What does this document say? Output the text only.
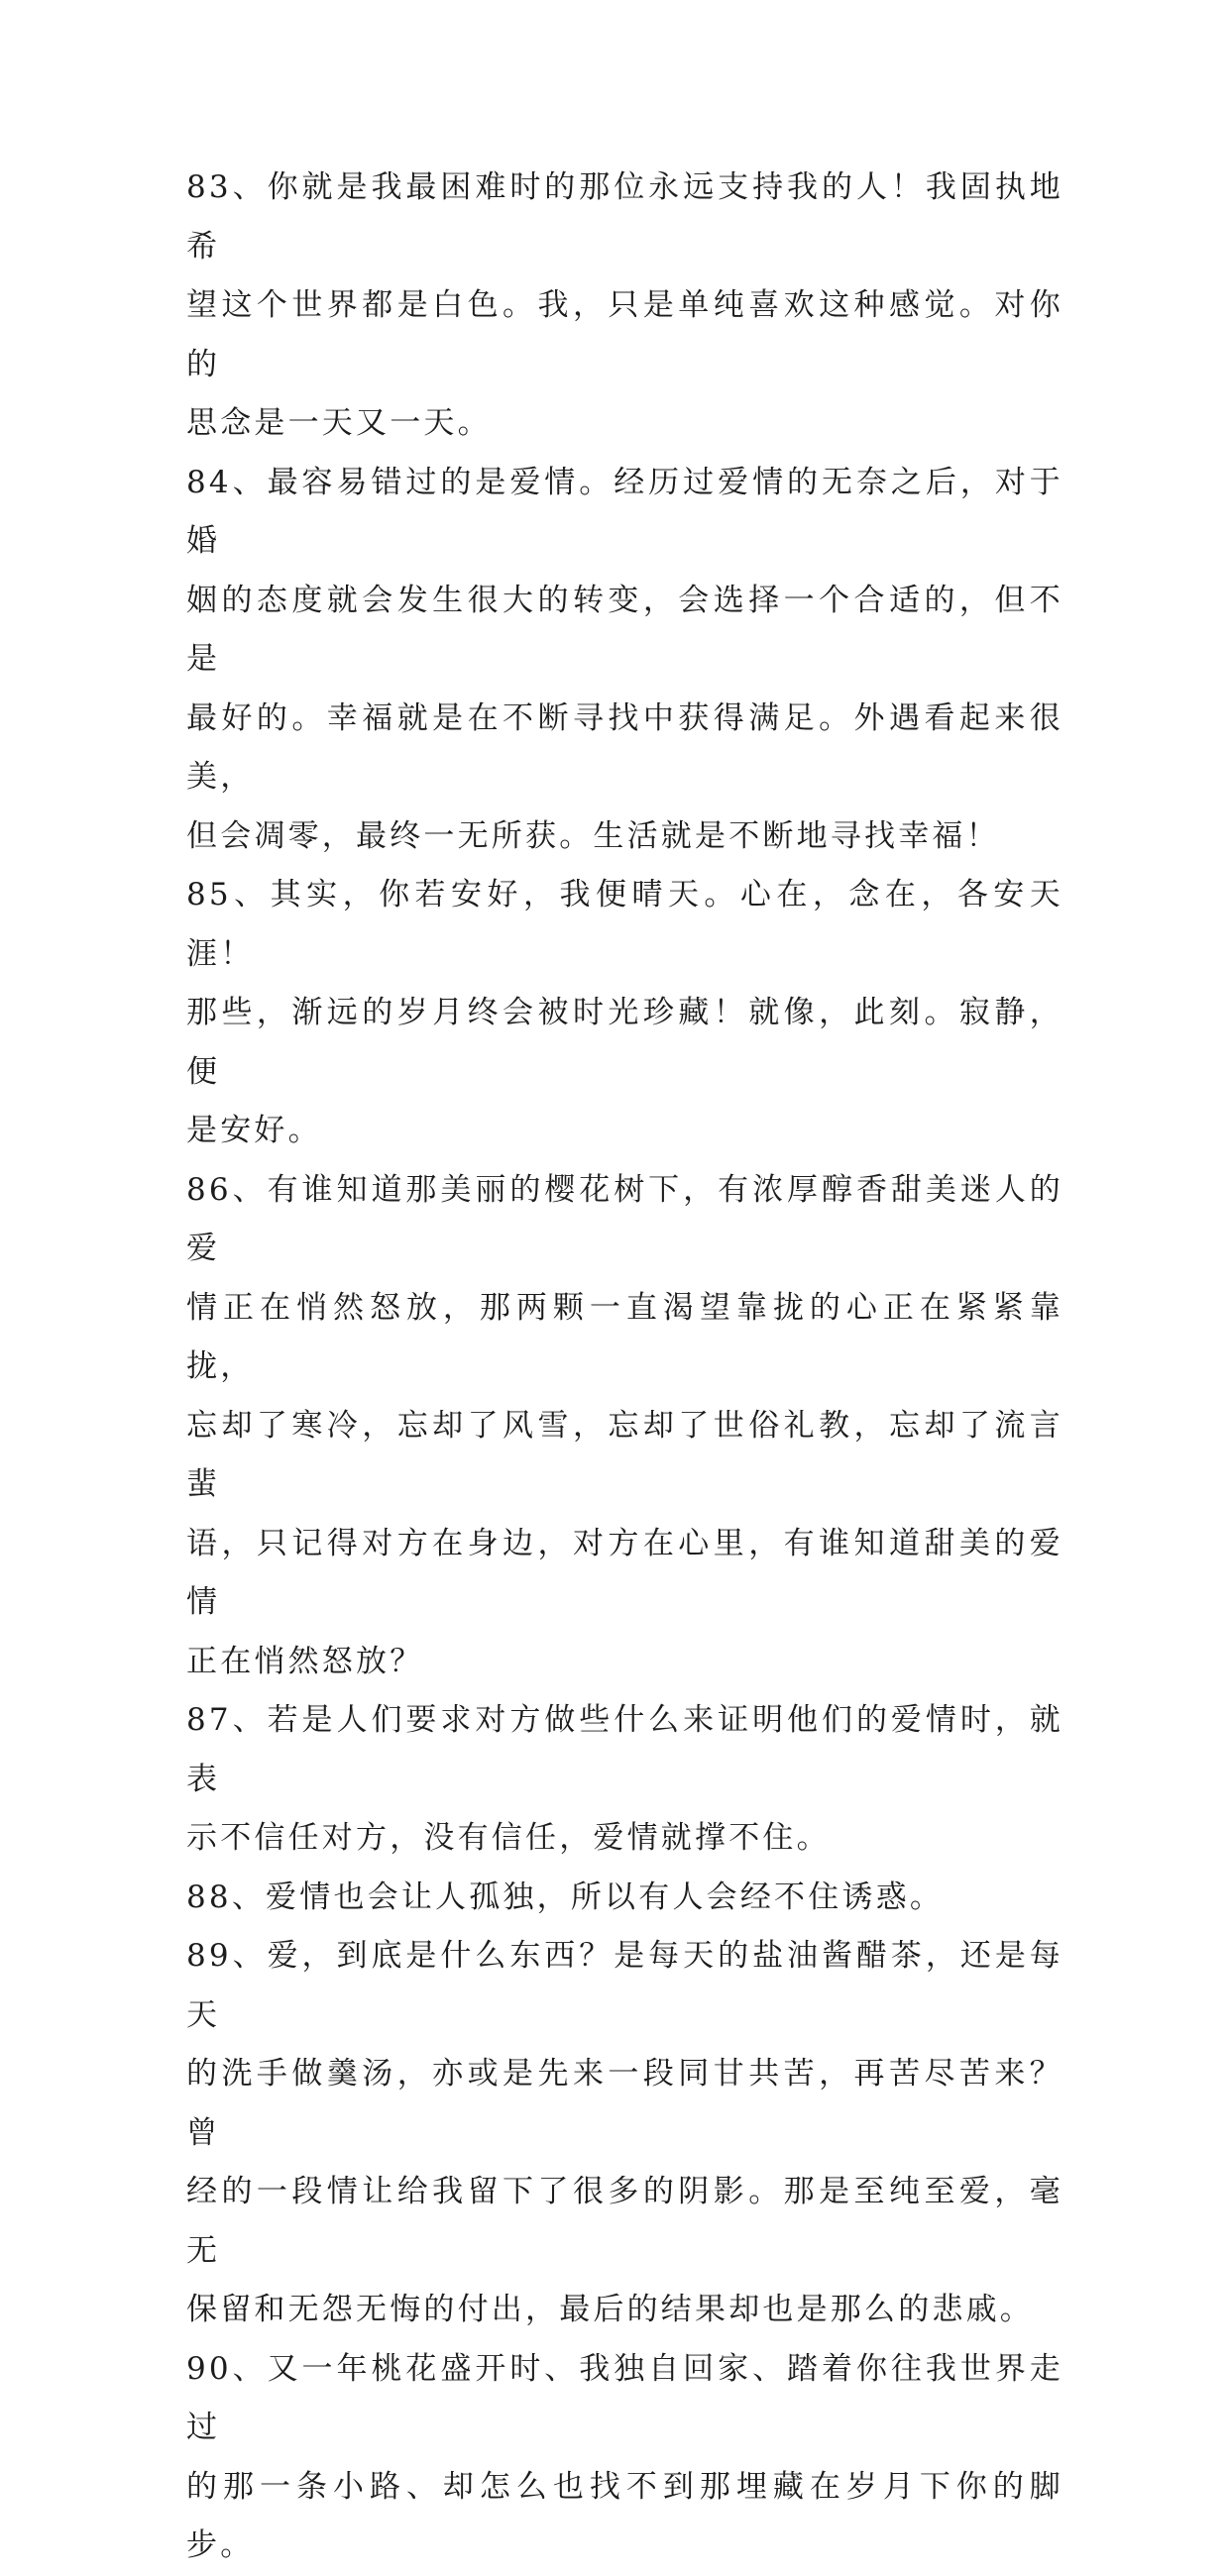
83、你就是我最困难时的那位永远支持我的人！我固执地希
望这个世界都是白色。我，只是单纯喜欢这种感觉。对你的
思念是一天又一天。

84、最容易错过的是爱情。经历过爱情的无奈之后，对于婚
姻的态度就会发生很大的转变，会选择一个合适的，但不是
最好的。幸福就是在不断寻找中获得满足。外遇看起来很美，
但会凋零，最终一无所获。生活就是不断地寻找幸福！

85、其实，你若安好，我便晴天。心在，念在，各安天涯！
那些，渐远的岁月终会被时光珍藏！就像，此刻。寂静，便
是安好。

86、有谁知道那美丽的樱花树下，有浓厚醇香甜美迷人的爱
情正在悄然怒放，那两颗一直渴望靠拢的心正在紧紧靠拢，
忘却了寒冷，忘却了风雪，忘却了世俗礼教，忘却了流言蜚
语，只记得对方在身边，对方在心里，有谁知道甜美的爱情
正在悄然怒放？

87、若是人们要求对方做些什么来证明他们的爱情时，就表
示不信任对方，没有信任，爱情就撑不住。

88、爱情也会让人孤独，所以有人会经不住诱惑。

89、爱，到底是什么东西？是每天的盐油酱醋茶，还是每天
的洗手做羹汤，亦或是先来一段同甘共苦，再苦尽苦来？曾
经的一段情让给我留下了很多的阴影。那是至纯至爱，毫无
保留和无怨无悔的付出，最后的结果却也是那么的悲戚。

90、又一年桃花盛开时、我独自回家、踏着你往我世界走过
的那一条小路、却怎么也找不到那埋藏在岁月下你的脚步。
